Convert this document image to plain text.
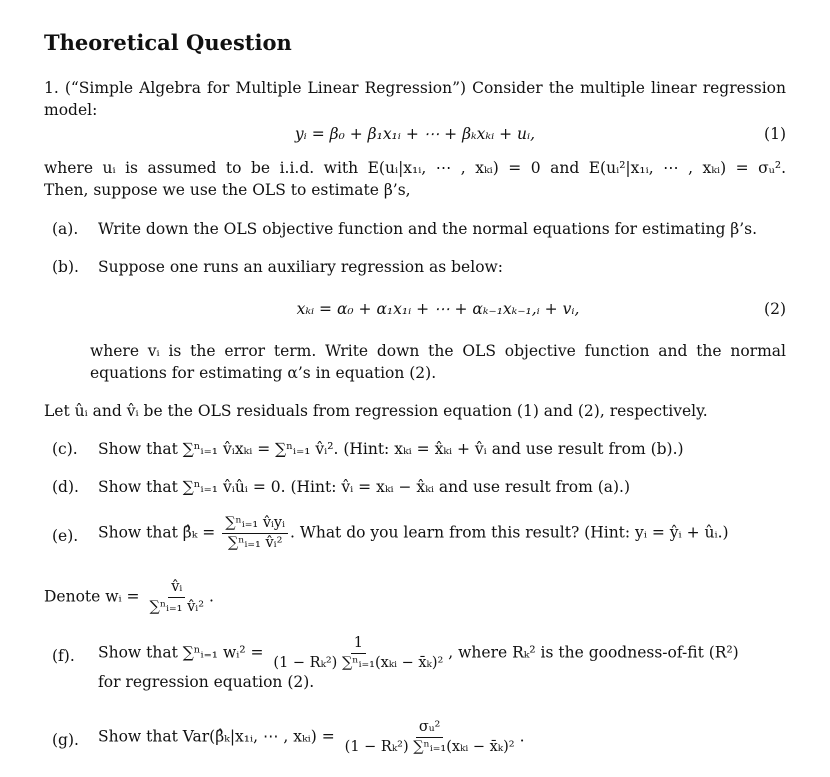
Theoretical Question
1. (“Simple Algebra for Multiple Linear Regression”) Consider the multiple linear regression
model:
yᵢ = β₀ + β₁x₁ᵢ + ⋯ + βₖxₖᵢ + uᵢ,	(1)
where uᵢ is assumed to be i.i.d. with E(uᵢ|x₁ᵢ, ⋯ , xₖᵢ) = 0 and E(uᵢ²|x₁ᵢ, ⋯ , xₖᵢ) = σᵤ².
Then, suppose we use the OLS to estimate β’s,
(a).	Write down the OLS objective function and the normal equations for estimating β’s.
(b).	Suppose one runs an auxiliary regression as below:
xₖᵢ = α₀ + α₁x₁ᵢ + ⋯ + αₖ₋₁xₖ₋₁,ᵢ + vᵢ,	(2)
where vᵢ is the error term. Write down the OLS objective function and the normal
equations for estimating α’s in equation (2).
Let ûᵢ and v̂ᵢ be the OLS residuals from regression equation (1) and (2), respectively.
(c).	Show that ∑ⁿᵢ₌₁ v̂ᵢxₖᵢ = ∑ⁿᵢ₌₁ v̂ᵢ². (Hint: xₖᵢ = x̂ₖᵢ + v̂ᵢ and use result from (b).)
(d).	Show that ∑ⁿᵢ₌₁ v̂ᵢûᵢ = 0. (Hint: v̂ᵢ = xₖᵢ − x̂ₖᵢ and use result from (a).)
(e).	Show that β̂ₖ = $\frac{\text{∑ⁿᵢ₌₁ v̂ᵢyᵢ}}{\text{∑ⁿᵢ₌₁ v̂ᵢ²}}$ . What do you learn from this result? (Hint: yᵢ = ŷᵢ + ûᵢ.)
Denote wᵢ = $\frac{\text{v̂ᵢ}}{\text{∑ⁿᵢ₌₁ v̂ᵢ²}}$ .
(f).	Show that ∑ⁿᵢ₌₁ wᵢ² = $\frac{1}{\text{(1 − Rₖ²) ∑ⁿᵢ₌₁(xₖᵢ − x̄ₖ)²}}$ , where Rₖ² is the goodness-of-fit (R²)
for regression equation (2).
(g).	Show that Var(β̂ₖ|x₁ᵢ, ⋯ , xₖᵢ) = $\frac{\text{σᵤ²}}{\text{(1 − Rₖ²) ∑ⁿᵢ₌₁(xₖᵢ − x̄ₖ)²}}$ .
